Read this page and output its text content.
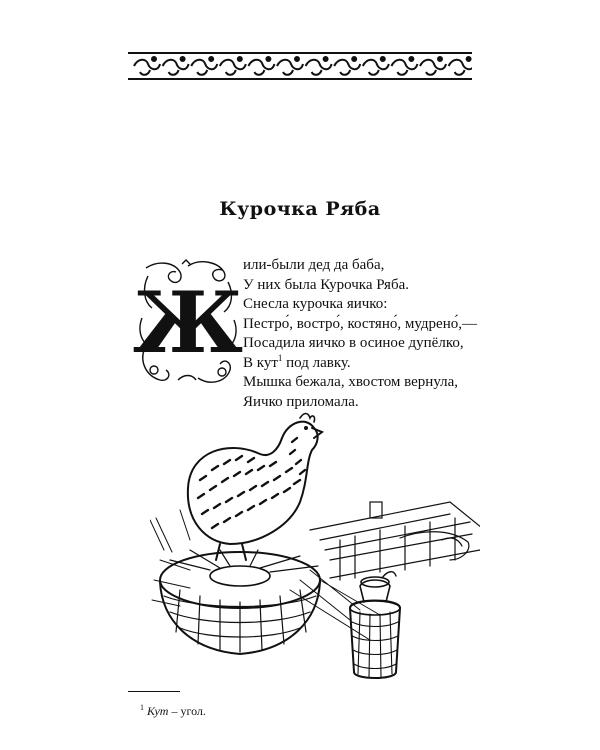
Курочка Ряба
Ж
или-были дед да баба,
У них была Курочка Ряба.
Снесла курочка яичко:
Пестро́, востро́, костяно́, мудрено́,—
Посадила яичко в осиное дупёлко,
В кут$^1$ под лавку.
Мышка бежала, хвостом вернула,
Яичко приломала.
$^1$ Кут – угол.
